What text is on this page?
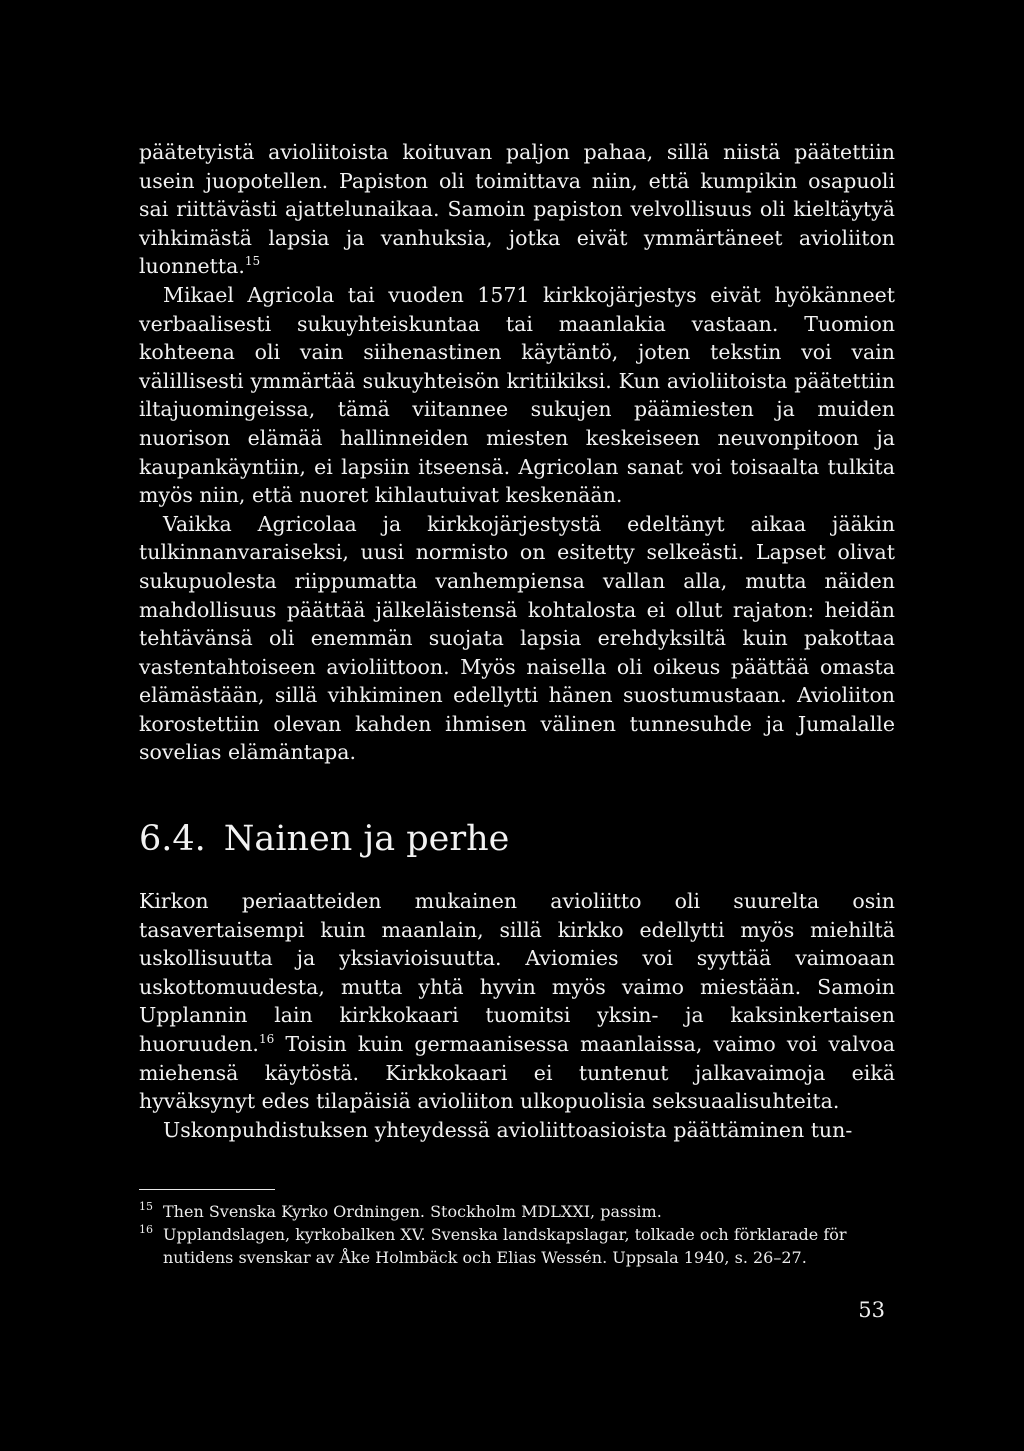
päätetyistä avioliitoista koituvan paljon pahaa, sillä niistä päätettiin usein juopotellen. Papiston oli toimittava niin, että kumpikin osapuoli sai riittävästi ajattelunaikaa. Samoin papiston velvollisuus oli kieltäytyä vihkimästä lapsia ja vanhuksia, jotka eivät ymmärtäneet avioliiton luonnetta.$^{15}$

Mikael Agricola tai vuoden 1571 kirkkojärjestys eivät hyökänneet verbaalisesti sukuyhteiskuntaa tai maanlakia vastaan. Tuomion kohteena oli vain siihenastinen käytäntö, joten tekstin voi vain välillisesti ymmärtää sukuyhteisön kritiikiksi. Kun avioliitoista päätettiin iltajuomingeissa, tämä viitannee sukujen päämiesten ja muiden nuorison elämää hallinneiden miesten keskeiseen neuvonpitoon ja kaupankäyntiin, ei lapsiin itseensä. Agricolan sanat voi toisaalta tulkita myös niin, että nuoret kihlautuivat keskenään.

Vaikka Agricolaa ja kirkkojärjestystä edeltänyt aikaa jääkin tulkinnanvaraiseksi, uusi normisto on esitetty selkeästi. Lapset olivat sukupuolesta riippumatta vanhempiensa vallan alla, mutta näiden mahdollisuus päättää jälkeläistensä kohtalosta ei ollut rajaton: heidän tehtävänsä oli enemmän suojata lapsia erehdyksiltä kuin pakottaa vastentahtoiseen avioliittoon. Myös naisella oli oikeus päättää omasta elämästään, sillä vihkiminen edellytti hänen suostumustaan. Avioliiton korostettiin olevan kahden ihmisen välinen tunnesuhde ja Jumalalle sovelias elämäntapa.

6.4. Nainen ja perhe

Kirkon periaatteiden mukainen avioliitto oli suurelta osin tasavertaisempi kuin maanlain, sillä kirkko edellytti myös miehiltä uskollisuutta ja yksiavioisuutta. Aviomies voi syyttää vaimoaan uskottomuudesta, mutta yhtä hyvin myös vaimo miestään. Samoin Upplannin lain kirkkokaari tuomitsi yksin- ja kaksinkertaisen huoruuden.$^{16}$ Toisin kuin germaanisessa maanlaissa, vaimo voi valvoa miehensä käytöstä. Kirkkokaari ei tuntenut jalkavaimoja eikä hyväksynyt edes tilapäisiä avioliiton ulkopuolisia seksuaalisuhteita.

Uskonpuhdistuksen yhteydessä avioliittoasioista päättäminen tun-

15 Then Svenska Kyrko Ordningen. Stockholm MDLXXI, passim.
16 Upplandslagen, kyrkobalken XV. Svenska landskapslagar, tolkade och förklarade för nutidens svenskar av Åke Holmbäck och Elias Wessén. Uppsala 1940, s. 26–27.
53
